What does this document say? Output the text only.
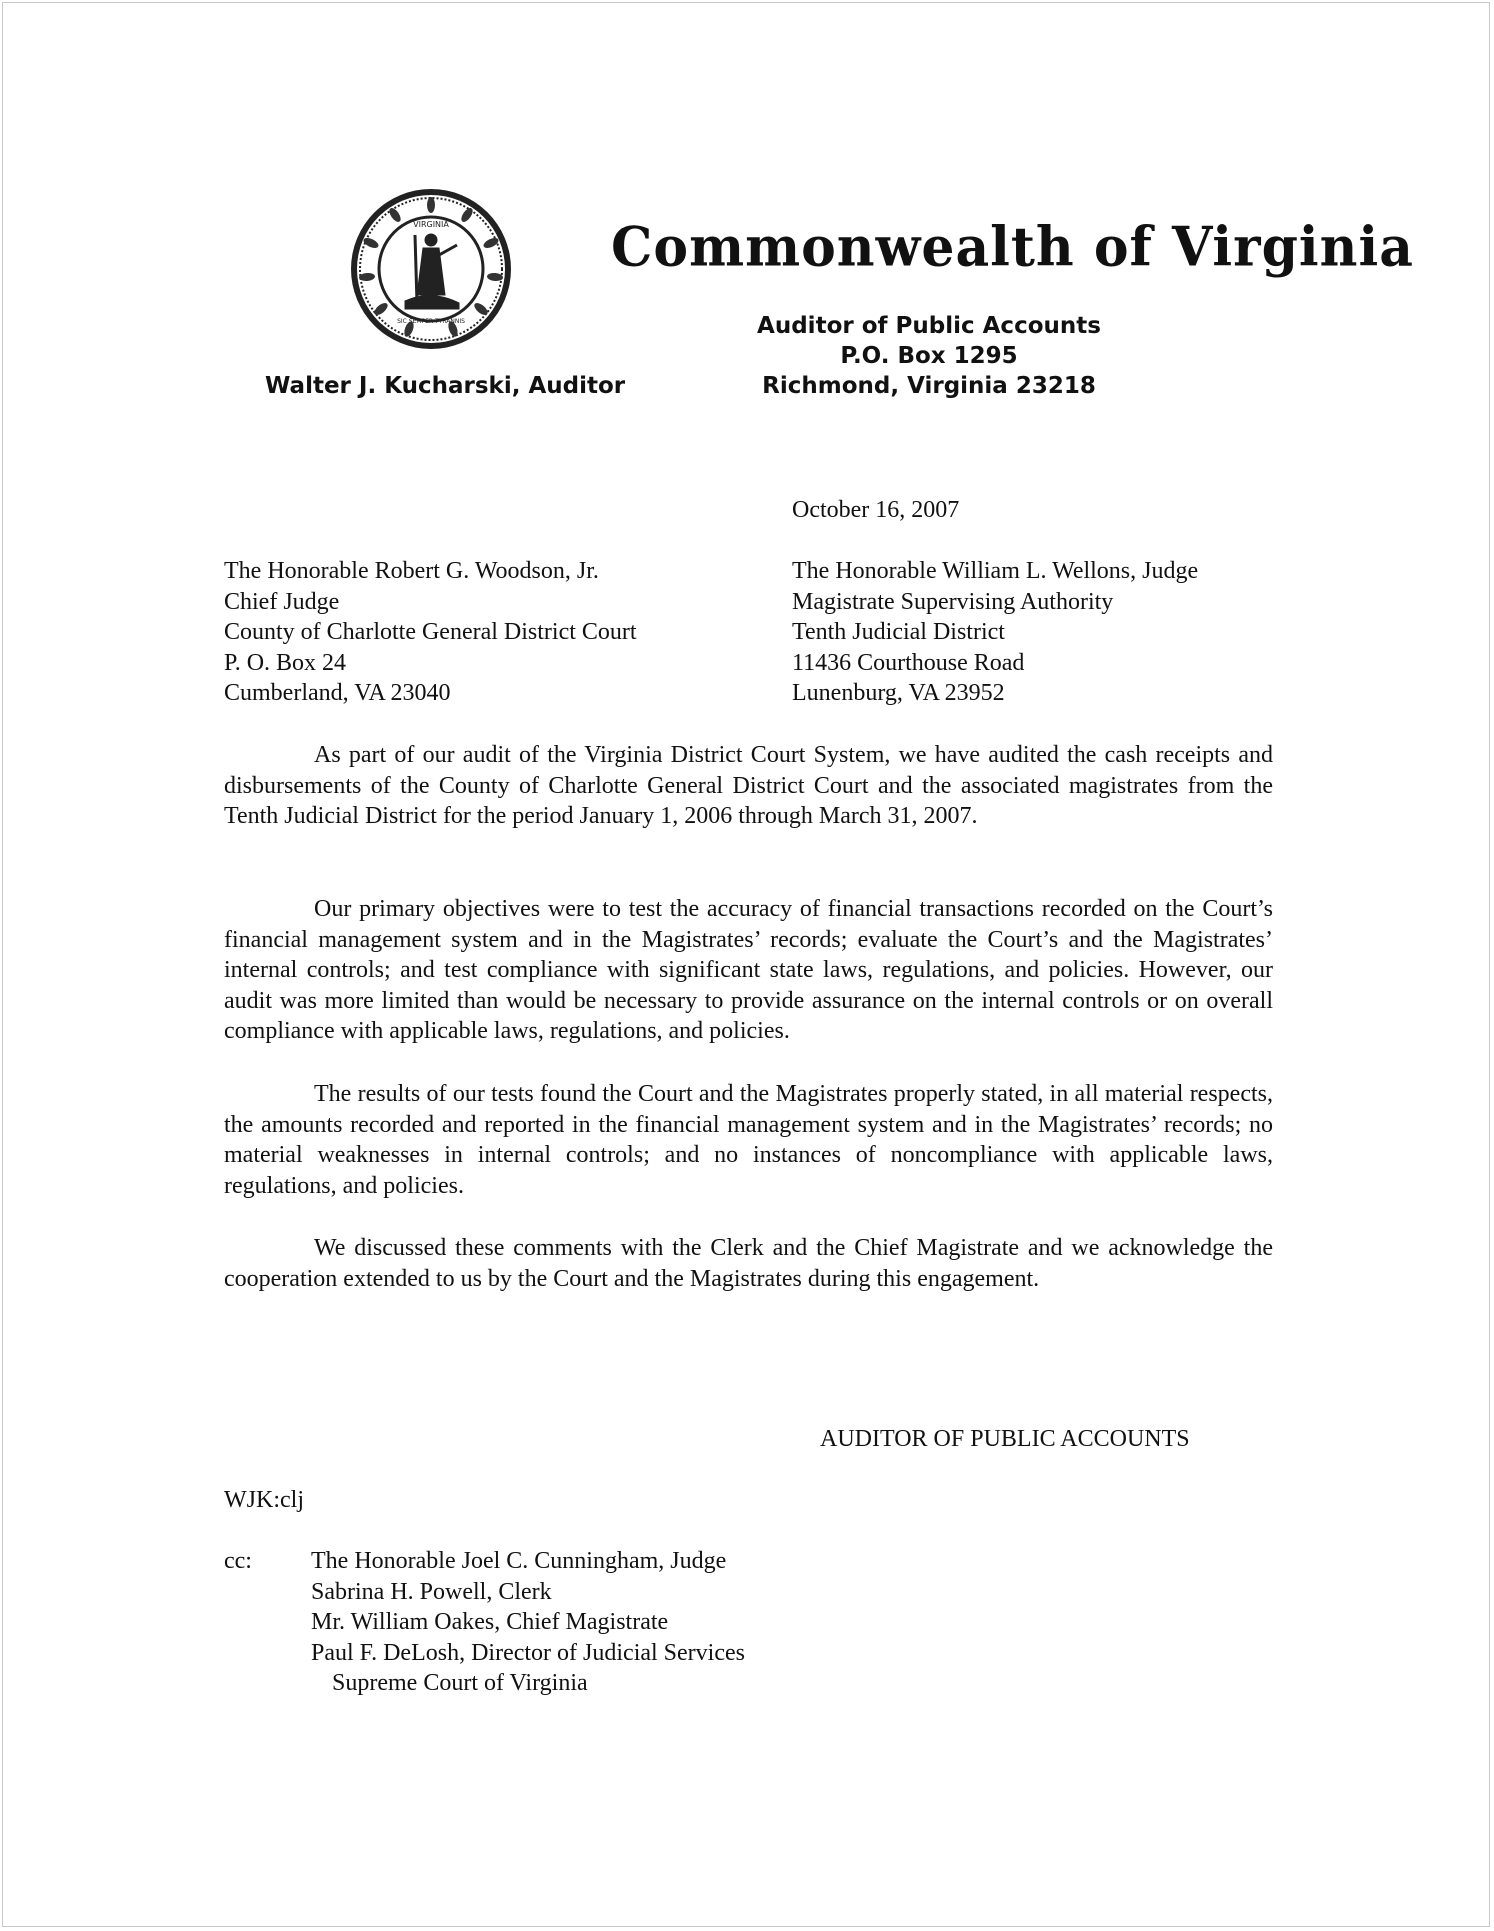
VIRGINIA
SIC SEMPER TYRANNIS
Commonwealth of Virginia
Auditor of Public Accounts
P.O. Box 1295
Richmond, Virginia 23218
Walter J. Kucharski, Auditor
October 16, 2007
The Honorable Robert G. Woodson, Jr.
Chief Judge
County of Charlotte General District Court
P. O. Box 24
Cumberland, VA 23040
The Honorable William L. Wellons, Judge
Magistrate Supervising Authority
Tenth Judicial District
11436 Courthouse Road
Lunenburg, VA 23952

As part of our audit of the Virginia District Court System, we have audited the cash receipts and disbursements of the County of Charlotte General District Court and the associated magistrates from the Tenth Judicial District for the period January 1, 2006 through March 31, 2007.

Our primary objectives were to test the accuracy of financial transactions recorded on the Court’s financial management system and in the Magistrates’ records; evaluate the Court’s and the Magistrates’ internal controls; and test compliance with significant state laws, regulations, and policies. However, our audit was more limited than would be necessary to provide assurance on the internal controls or on overall compliance with applicable laws, regulations, and policies.

The results of our tests found the Court and the Magistrates properly stated, in all material respects, the amounts recorded and reported in the financial management system and in the Magistrates’ records; no material weaknesses in internal controls; and no instances of noncompliance with applicable laws, regulations, and policies.

We discussed these comments with the Clerk and the Chief Magistrate and we acknowledge the cooperation extended to us by the Court and the Magistrates during this engagement.

AUDITOR OF PUBLIC ACCOUNTS
WJK:clj
cc: The Honorable Joel C. Cunningham, Judge
Sabrina H. Powell, Clerk
Mr. William Oakes, Chief Magistrate
Paul F. DeLosh, Director of Judicial Services
Supreme Court of Virginia
